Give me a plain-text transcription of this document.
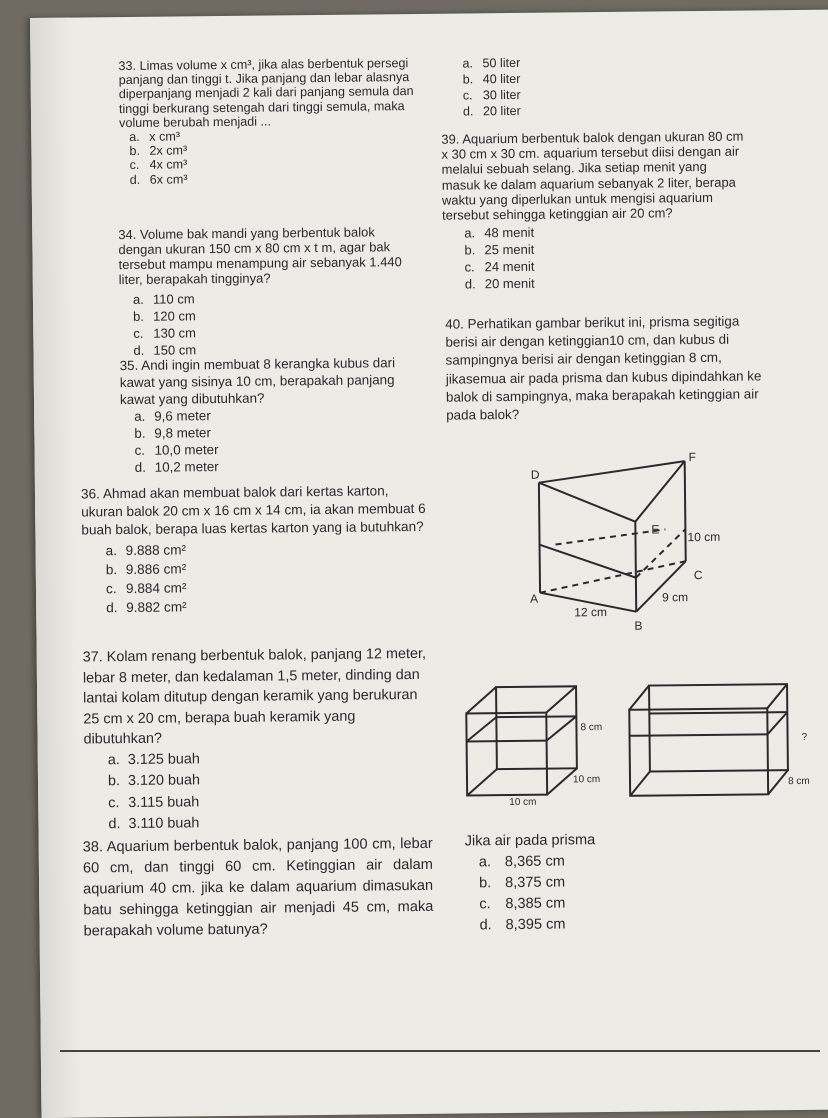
33. Limas volume x cm³, jika alas berbentuk persegi panjang dan tinggi t. Jika panjang dan lebar alasnya diperpanjang menjadi 2 kali dari panjang semula dan tinggi berkurang setengah dari tinggi semula, maka volume berubah menjadi ...
a. x cm³
b. 2x cm³
c. 4x cm³
d. 6x cm³
a. 50 liter
b. 40 liter
c. 30 liter
d. 20 liter
39. Aquarium berbentuk balok dengan ukuran 80 cm x 30 cm x 30 cm. aquarium tersebut diisi dengan air melalui sebuah selang. Jika setiap menit yang masuk ke dalam aquarium sebanyak 2 liter, berapa waktu yang diperlukan untuk mengisi aquarium tersebut sehingga ketinggian air 20 cm?
a. 48 menit
b. 25 menit
c. 24 menit
d. 20 menit
34. Volume bak mandi yang berbentuk balok dengan ukuran 150 cm x 80 cm x t m, agar bak tersebut mampu menampung air sebanyak 1.440 liter, berapakah tingginya?
a. 110 cm
b. 120 cm
c. 130 cm
d. 150 cm
40. Perhatikan gambar berikut ini, prisma segitiga berisi air dengan ketinggian10 cm, dan kubus di sampingnya berisi air dengan ketinggian 8 cm, jikasemua air pada prisma dan kubus dipindahkan ke balok di sampingnya, maka berapakah ketinggian air pada balok?
35. Andi ingin membuat 8 kerangka kubus dari kawat yang sisinya 10 cm, berapakah panjang kawat yang dibutuhkan?
a. 9,6 meter
b. 9,8 meter
c. 10,0 meter
d. 10,2 meter
36. Ahmad akan membuat balok dari kertas karton, ukuran balok 20 cm x 16 cm x 14 cm, ia akan membuat 6 buah balok, berapa luas kertas karton yang ia butuhkan?
a. 9.888 cm²
b. 9.886 cm²
c. 9.884 cm²
d. 9.882 cm²
D
F
E
A
C
B
10 cm
9 cm
12 cm
37. Kolam renang berbentuk balok, panjang 12 meter, lebar 8 meter, dan kedalaman 1,5 meter, dinding dan lantai kolam ditutup dengan keramik yang berukuran 25 cm x 20 cm, berapa buah keramik yang dibutuhkan?
a. 3.125 buah
b. 3.120 buah
c. 3.115 buah
d. 3.110 buah
8 cm
10 cm
10 cm
?
8 cm
38. Aquarium berbentuk balok, panjang 100 cm, lebar 60 cm, dan tinggi 60 cm. Ketinggian air dalam aquarium 40 cm. jika ke dalam aquarium dimasukan batu sehingga ketinggian air menjadi 45 cm, maka berapakah volume batunya?
Jika air pada prisma
a. 8,365 cm
b. 8,375 cm
c. 8,385 cm
d. 8,395 cm
